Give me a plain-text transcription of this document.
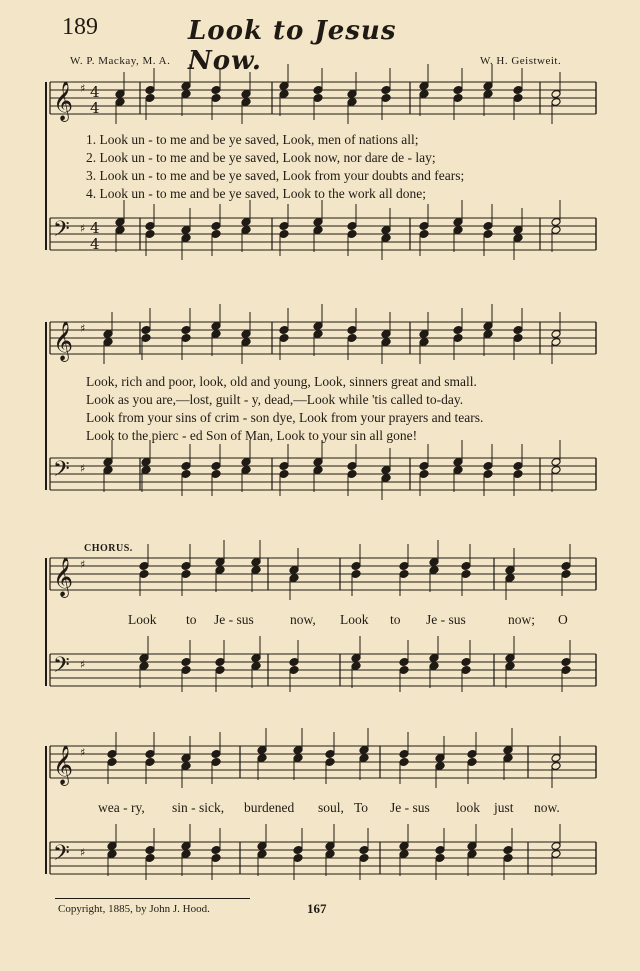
189	Look to Jesus Now.
W. P. Mackay, M. A.	W. H. Geistweit.
𝄞
𝄢
♯
♯
4
4
4
4
𝄞
𝄢
♯
♯
𝄞
𝄢
♯
♯
𝄞
𝄢
♯
♯
1. Look un - to me and be ye saved, Look, men of nations all;
2. Look un - to me and be ye saved, Look now, nor dare de - lay;
3. Look un - to me and be ye saved, Look from your doubts and fears;
4. Look un - to me and be ye saved, Look to the work all done;
Look, rich and poor, look, old and young, Look, sinners great and small.
Look as you are,—lost, guilt - y, dead,—Look while 'tis called to-day.
Look from your sins of crim - son dye, Look from your prayers and tears.
Look to the pierc - ed Son of Man, Look to your sin all gone!
CHORUS.
Look to Je - sus	now, Look to Je - sus	now; O
wea - ry, sin - sick, burdened soul, To Je - sus look just now.
Copyright, 1885, by John J. Hood.	167
